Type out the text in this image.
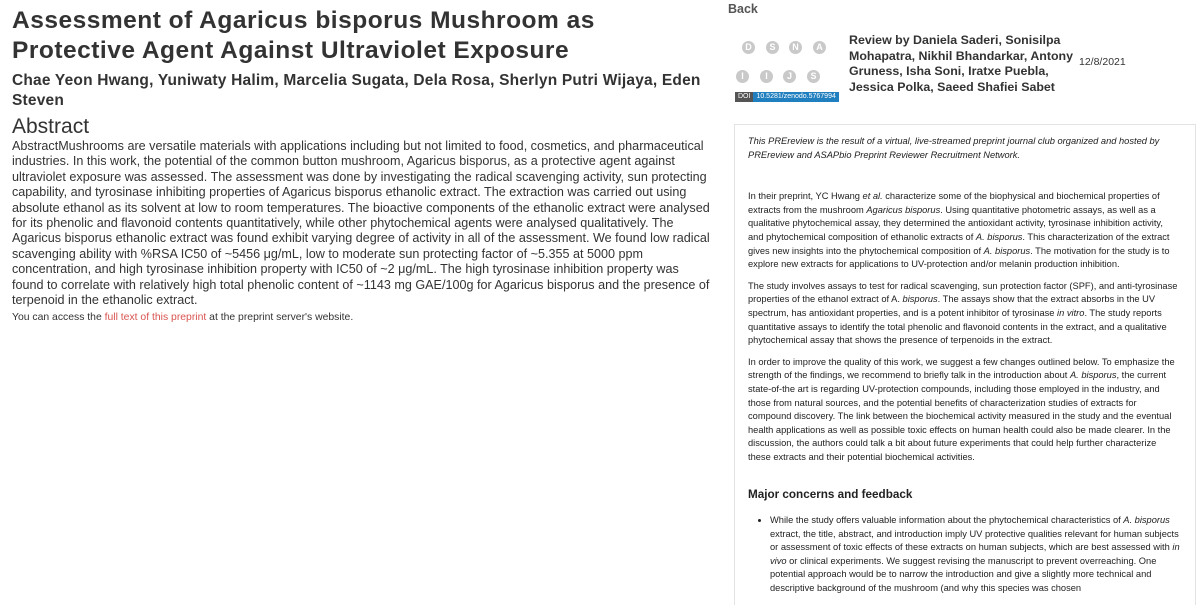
Assessment of Agaricus bisporus Mushroom as Protective Agent Against Ultraviolet Exposure
Chae Yeon Hwang, Yuniwaty Halim, Marcelia Sugata, Dela Rosa, Sherlyn Putri Wijaya, Eden Steven
Abstract
AbstractMushrooms are versatile materials with applications including but not limited to food, cosmetics, and pharmaceutical industries. In this work, the potential of the common button mushroom, Agaricus bisporus, as a protective agent against ultraviolet exposure was assessed. The assessment was done by investigating the radical scavenging activity, sun protecting capability, and tyrosinase inhibiting properties of Agaricus bisporus ethanolic extract. The extraction was carried out using absolute ethanol as its solvent at low to room temperatures. The bioactive components of the ethanolic extract were analysed for its phenolic and flavonoid contents quantitatively, while other phytochemical agents were analysed qualitatively. The Agaricus bisporus ethanolic extract was found exhibit varying degree of activity in all of the assessment. We found low radical scavenging ability with %RSA IC50 of ~5456 μg/mL, low to moderate sun protecting factor of ~5.355 at 5000 ppm concentration, and high tyrosinase inhibition property with IC50 of ~2 μg/mL. The high tyrosinase inhibition property was found to correlate with relatively high total phenolic content of ~1143 mg GAE/100g for Agaricus bisporus and the presence of terpenoid in the ethanolic extract.
You can access the full text of this preprint at the preprint server's website.
Back
D	S	N	A
I	I	J	S
DOI 10.5281/zenodo.5767994
Review by Daniela Saderi, Sonisilpa Mohapatra, Nikhil Bhandarkar, Antony Gruness, Isha Soni, Iratxe Puebla, Jessica Polka, Saeed Shafiei Sabet
12/8/2021

This PREreview is the result of a virtual, live-streamed preprint journal club organized and hosted by PREreview and ASAPbio Preprint Reviewer Recruitment Network.

In their preprint, YC Hwang et al. characterize some of the biophysical and biochemical properties of extracts from the mushroom Agaricus bisporus. Using quantitative photometric assays, as well as a qualitative phytochemical assay, they determined the antioxidant activity, tyrosinase inhibition activity, and phytochemical composition of ethanolic extracts of A. bisporus. This characterization of the extract gives new insights into the phytochemical composition of A. bisporus. The motivation for the study is to explore new extracts for applications to UV-protection and/or melanin production inhibition.

The study involves assays to test for radical scavenging, sun protection factor (SPF), and anti-tyrosinase properties of the ethanol extract of A. bisporus. The assays show that the extract absorbs in the UV spectrum, has antioxidant properties, and is a potent inhibitor of tyrosinase in vitro. The study reports quantitative assays to identify the total phenolic and flavonoid contents in the extract, and a qualitative phytochemical assay that shows the presence of terpenoids in the extract.

In order to improve the quality of this work, we suggest a few changes outlined below. To emphasize the strength of the findings, we recommend to briefly talk in the introduction about A. bisporus, the current state-of-the art is regarding UV-protection compounds, including those employed in the industry, and those from natural sources, and the potential benefits of characterization studies of extracts for compound discovery. The link between the biochemical activity measured in the study and the eventual health applications as well as possible toxic effects on human health could also be made clearer. In the discussion, the authors could talk a bit about future experiments that could help further characterize these extracts and their potential biochemical activities.

Major concerns and feedback
• While the study offers valuable information about the phytochemical characteristics of A. bisporus extract, the title, abstract, and introduction imply UV protective qualities relevant for human subjects or assessment of toxic effects of these extracts on human subjects, which are best assessed with in vivo or clinical experiments. We suggest revising the manuscript to prevent overreaching. One potential approach would be to narrow the introduction and give a slightly more technical and descriptive background of the mushroom (and why this species was chosen
